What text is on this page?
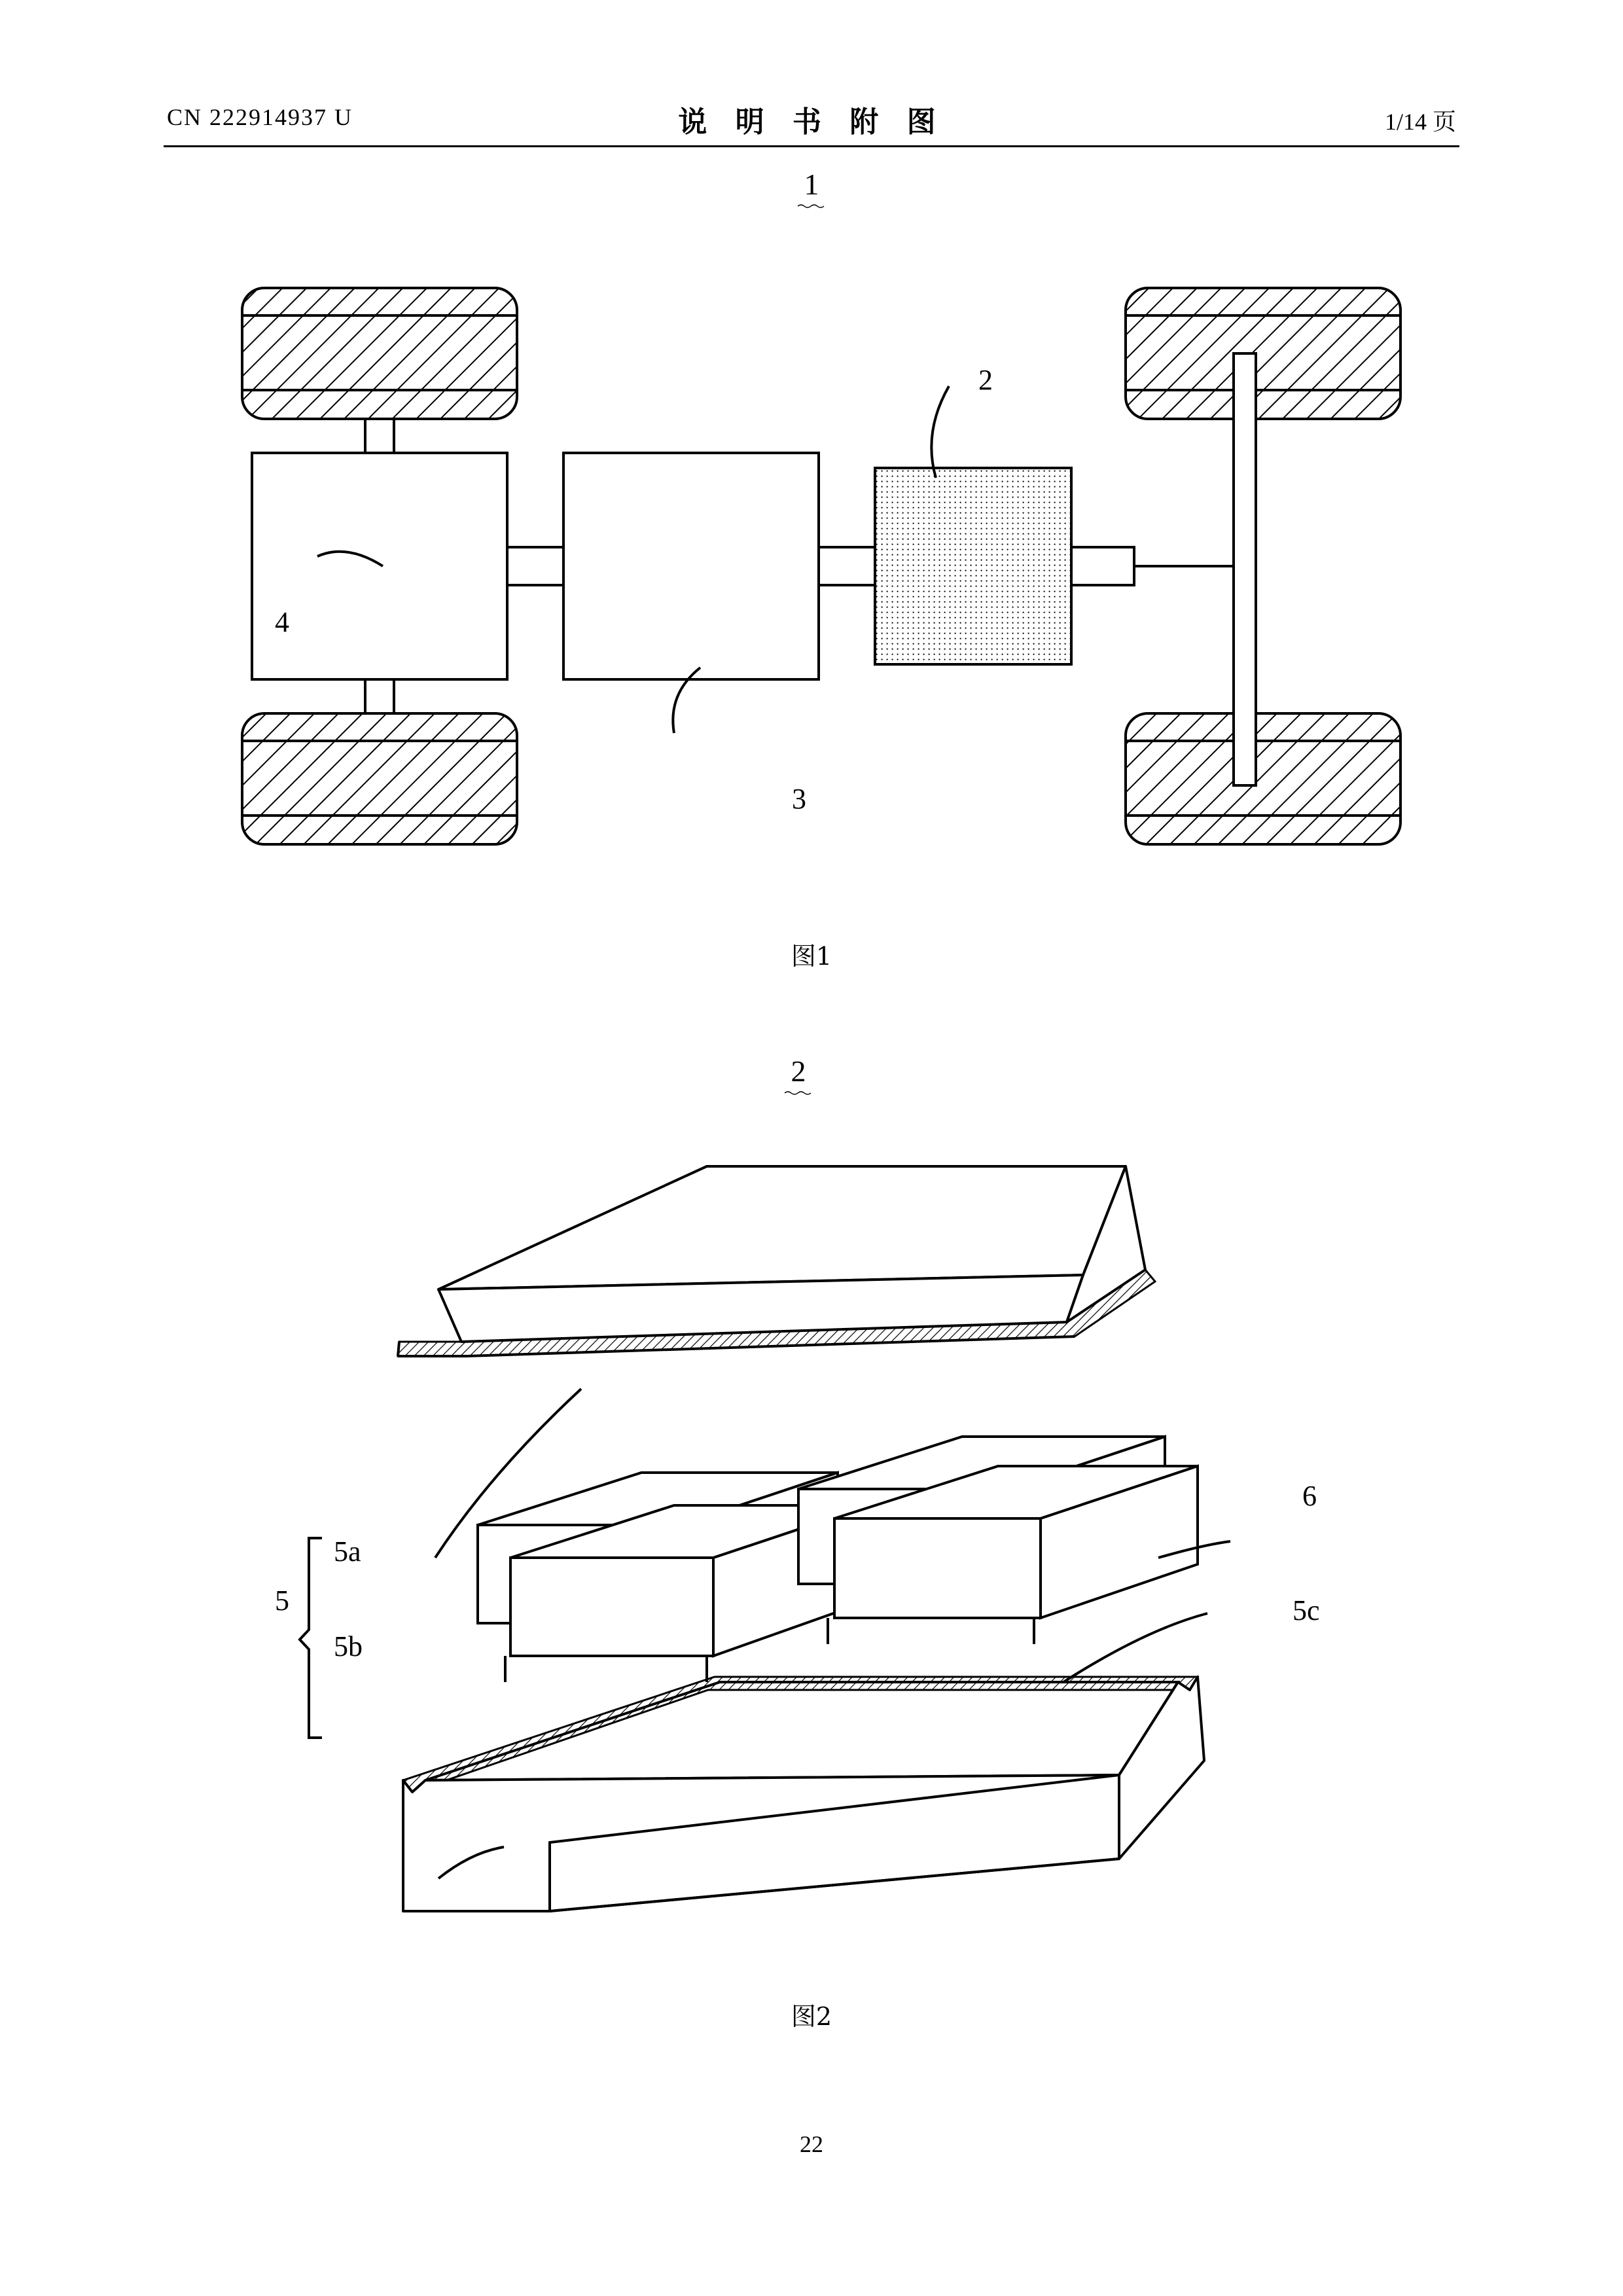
CN 222914937 U	说 明 书 附 图	1/14 页
1
4
2
3
图1
2
6
5c
5a
5b
5
图2
22
